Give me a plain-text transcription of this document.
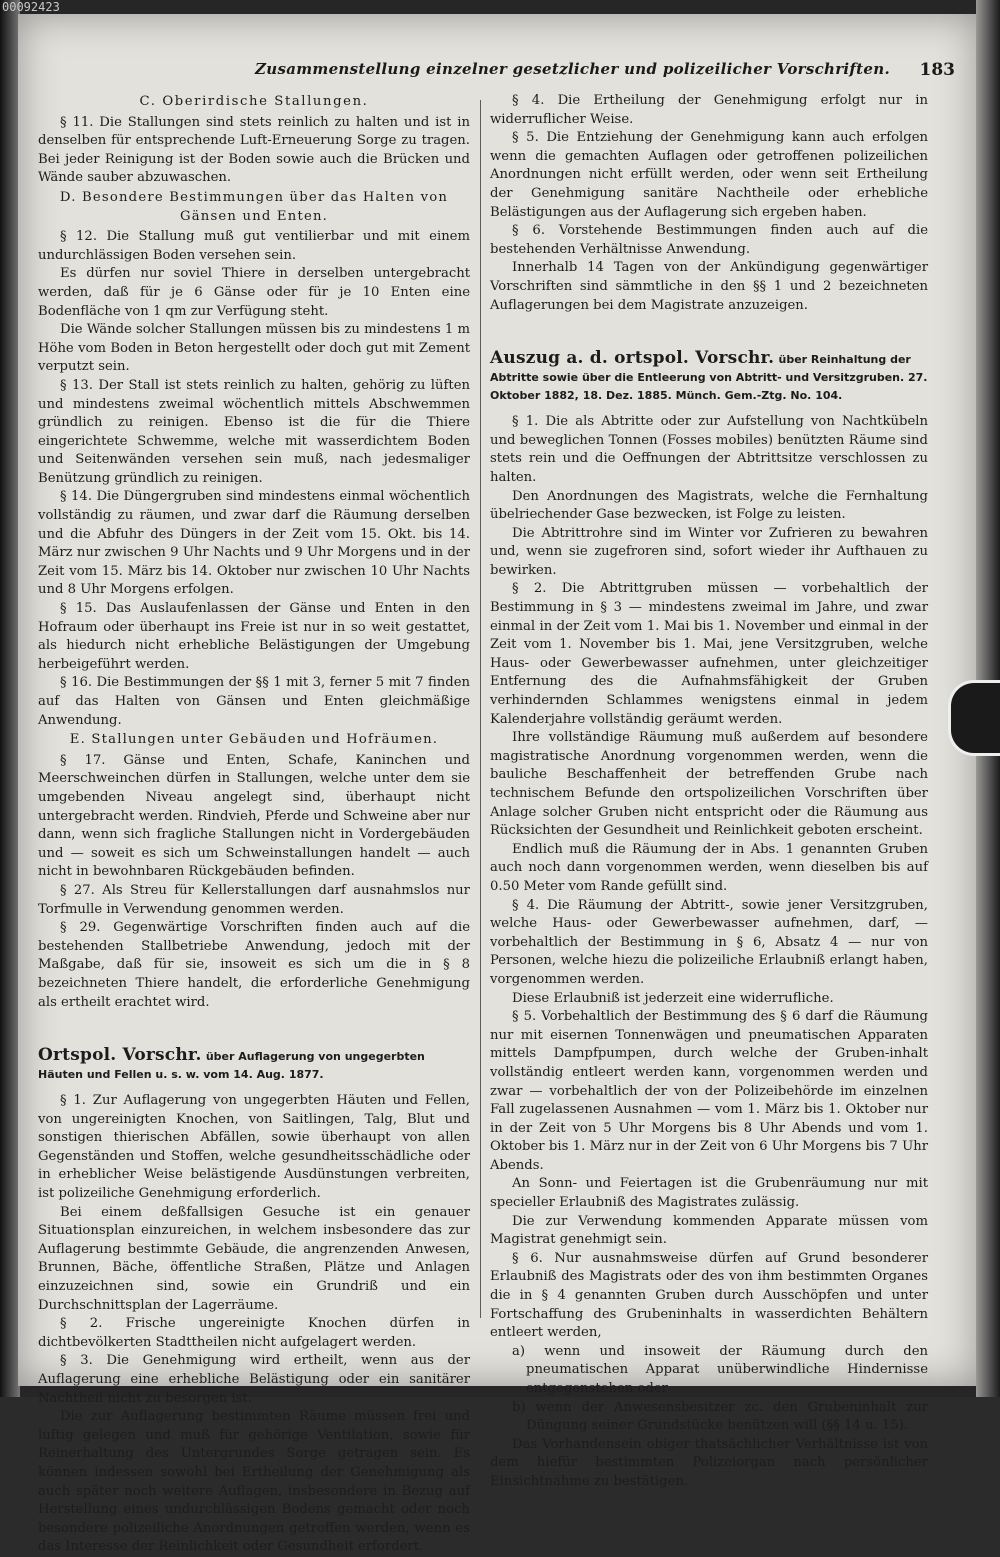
00092423
Zusammenstellung einzelner gesetzlicher und polizeilicher Vorschriften. 183

C. Oberirdische Stallungen.

§ 11. Die Stallungen sind stets reinlich zu halten und ist in denselben für entsprechende Luft-Erneuerung Sorge zu tragen. Bei jeder Reinigung ist der Boden sowie auch die Brücken und Wände sauber abzuwaschen.

D. Besondere Bestimmungen über das Halten von Gänsen und Enten.

§ 12. Die Stallung muß gut ventilierbar und mit einem undurchlässigen Boden versehen sein.

Es dürfen nur soviel Thiere in derselben untergebracht werden, daß für je 6 Gänse oder für je 10 Enten eine Bodenfläche von 1 qm zur Verfügung steht.

Die Wände solcher Stallungen müssen bis zu mindestens 1 m Höhe vom Boden in Beton hergestellt oder doch gut mit Zement verputzt sein.

§ 13. Der Stall ist stets reinlich zu halten, gehörig zu lüften und mindestens zweimal wöchentlich mittels Abschwemmen gründlich zu reinigen. Ebenso ist die für die Thiere eingerichtete Schwemme, welche mit wasserdichtem Boden und Seitenwänden versehen sein muß, nach jedesmaliger Benützung gründlich zu reinigen.

§ 14. Die Düngergruben sind mindestens einmal wöchentlich vollständig zu räumen, und zwar darf die Räumung derselben und die Abfuhr des Düngers in der Zeit vom 15. Okt. bis 14. März nur zwischen 9 Uhr Nachts und 9 Uhr Morgens und in der Zeit vom 15. März bis 14. Oktober nur zwischen 10 Uhr Nachts und 8 Uhr Morgens erfolgen.

§ 15. Das Auslaufenlassen der Gänse und Enten in den Hofraum oder überhaupt ins Freie ist nur in so weit gestattet, als hiedurch nicht erhebliche Belästigungen der Umgebung herbeigeführt werden.

§ 16. Die Bestimmungen der §§ 1 mit 3, ferner 5 mit 7 finden auf das Halten von Gänsen und Enten gleichmäßige Anwendung.

E. Stallungen unter Gebäuden und Hofräumen.

§ 17. Gänse und Enten, Schafe, Kaninchen und Meerschweinchen dürfen in Stallungen, welche unter dem sie umgebenden Niveau angelegt sind, überhaupt nicht untergebracht werden. Rindvieh, Pferde und Schweine aber nur dann, wenn sich fragliche Stallungen nicht in Vordergebäuden und — soweit es sich um Schweinstallungen handelt — auch nicht in bewohnbaren Rückgebäuden befinden.

§ 27. Als Streu für Kellerstallungen darf ausnahmslos nur Torfmulle in Verwendung genommen werden.

§ 29. Gegenwärtige Vorschriften finden auch auf die bestehenden Stallbetriebe Anwendung, jedoch mit der Maßgabe, daß für sie, insoweit es sich um die in § 8 bezeichneten Thiere handelt, die erforderliche Genehmigung als ertheilt erachtet wird.

Ortspol. Vorschr. über Auflagerung von ungegerbten Häuten und Fellen u. s. w. vom 14. Aug. 1877.

§ 1. Zur Auflagerung von ungegerbten Häuten und Fellen, von ungereinigten Knochen, von Saitlingen, Talg, Blut und sonstigen thierischen Abfällen, sowie überhaupt von allen Gegenständen und Stoffen, welche gesundheitsschädliche oder in erheblicher Weise belästigende Ausdünstungen verbreiten, ist polizeiliche Genehmigung erforderlich.

Bei einem deßfallsigen Gesuche ist ein genauer Situationsplan einzureichen, in welchem insbesondere das zur Auflagerung bestimmte Gebäude, die angrenzenden Anwesen, Brunnen, Bäche, öffentliche Straßen, Plätze und Anlagen einzuzeichnen sind, sowie ein Grundriß und ein Durchschnittsplan der Lagerräume.

§ 2. Frische ungereinigte Knochen dürfen in dichtbevölkerten Stadttheilen nicht aufgelagert werden.

§ 3. Die Genehmigung wird ertheilt, wenn aus der Auflagerung eine erhebliche Belästigung oder ein sanitärer Nachtheil nicht zu besorgen ist.

Die zur Auflagerung bestimmten Räume müssen frei und luftig gelegen und muß für gehörige Ventilation, sowie für Reinerhaltung des Untergrundes Sorge getragen sein. Es können indessen sowohl bei Ertheilung der Genehmigung als auch später noch weitere Auflagen, insbesondere in Bezug auf Herstellung eines undurchlässigen Bodens gemacht oder noch besondere polizeiliche Anordnungen getroffen werden, wenn es das Interesse der Reinlichkeit oder Gesundheit erfordert.

§ 4. Die Ertheilung der Genehmigung erfolgt nur in widerruflicher Weise.

§ 5. Die Entziehung der Genehmigung kann auch erfolgen wenn die gemachten Auflagen oder getroffenen polizeilichen Anordnungen nicht erfüllt werden, oder wenn seit Ertheilung der Genehmigung sanitäre Nachtheile oder erhebliche Belästigungen aus der Auflagerung sich ergeben haben.

§ 6. Vorstehende Bestimmungen finden auch auf die bestehenden Verhältnisse Anwendung.

Innerhalb 14 Tagen von der Ankündigung gegenwärtiger Vorschriften sind sämmtliche in den §§ 1 und 2 bezeichneten Auflagerungen bei dem Magistrate anzuzeigen.

Auszug a. d. ortspol. Vorschr. über Reinhaltung der Abtritte sowie über die Entleerung von Abtritt- und Versitzgruben. 27. Oktober 1882, 18. Dez. 1885. Münch. Gem.-Ztg. No. 104.

§ 1. Die als Abtritte oder zur Aufstellung von Nachtkübeln und beweglichen Tonnen (Fosses mobiles) benützten Räume sind stets rein und die Oeffnungen der Abtrittsitze verschlossen zu halten.

Den Anordnungen des Magistrats, welche die Fernhaltung übelriechender Gase bezwecken, ist Folge zu leisten.

Die Abtrittrohre sind im Winter vor Zufrieren zu bewahren und, wenn sie zugefroren sind, sofort wieder ihr Aufthauen zu bewirken.

§ 2. Die Abtrittgruben müssen — vorbehaltlich der Bestimmung in § 3 — mindestens zweimal im Jahre, und zwar einmal in der Zeit vom 1. Mai bis 1. November und einmal in der Zeit vom 1. November bis 1. Mai, jene Versitzgruben, welche Haus- oder Gewerbewasser aufnehmen, unter gleichzeitiger Entfernung des die Aufnahmsfähigkeit der Gruben verhindernden Schlammes wenigstens einmal in jedem Kalenderjahre vollständig geräumt werden.

Ihre vollständige Räumung muß außerdem auf besondere magistratische Anordnung vorgenommen werden, wenn die bauliche Beschaffenheit der betreffenden Grube nach technischem Befunde den ortspolizeilichen Vorschriften über Anlage solcher Gruben nicht entspricht oder die Räumung aus Rücksichten der Gesundheit und Reinlichkeit geboten erscheint.

Endlich muß die Räumung der in Abs. 1 genannten Gruben auch noch dann vorgenommen werden, wenn dieselben bis auf 0.50 Meter vom Rande gefüllt sind.

§ 4. Die Räumung der Abtritt-, sowie jener Versitzgruben, welche Haus- oder Gewerbewasser aufnehmen, darf, — vorbehaltlich der Bestimmung in § 6, Absatz 4 — nur von Personen, welche hiezu die polizeiliche Erlaubniß erlangt haben, vorgenommen werden.

Diese Erlaubniß ist jederzeit eine widerrufliche.

§ 5. Vorbehaltlich der Bestimmung des § 6 darf die Räumung nur mit eisernen Tonnenwägen und pneumatischen Apparaten mittels Dampfpumpen, durch welche der Gruben-inhalt vollständig entleert werden kann, vorgenommen werden und zwar — vorbehaltlich der von der Polizeibehörde im einzelnen Fall zugelassenen Ausnahmen — vom 1. März bis 1. Oktober nur in der Zeit von 5 Uhr Morgens bis 8 Uhr Abends und vom 1. Oktober bis 1. März nur in der Zeit von 6 Uhr Morgens bis 7 Uhr Abends.

An Sonn- und Feiertagen ist die Grubenräumung nur mit specieller Erlaubniß des Magistrates zulässig.

Die zur Verwendung kommenden Apparate müssen vom Magistrat genehmigt sein.

§ 6. Nur ausnahmsweise dürfen auf Grund besonderer Erlaubniß des Magistrats oder des von ihm bestimmten Organes die in § 4 genannten Gruben durch Ausschöpfen und unter Fortschaffung des Grubeninhalts in wasserdichten Behältern entleert werden,

a) wenn und insoweit der Räumung durch den pneumatischen Apparat unüberwindliche Hindernisse entgegenstehen oder

b) wenn der Anwesensbesitzer zc. den Grubeninhalt zur Düngung seiner Grundstücke benützen will (§§ 14 u. 15).

Das Vorhandensein obiger thatsächlicher Verhältnisse ist von dem hiefür bestimmten Polizeiorgan nach persönlicher Einsichtnahme zu bestätigen.
